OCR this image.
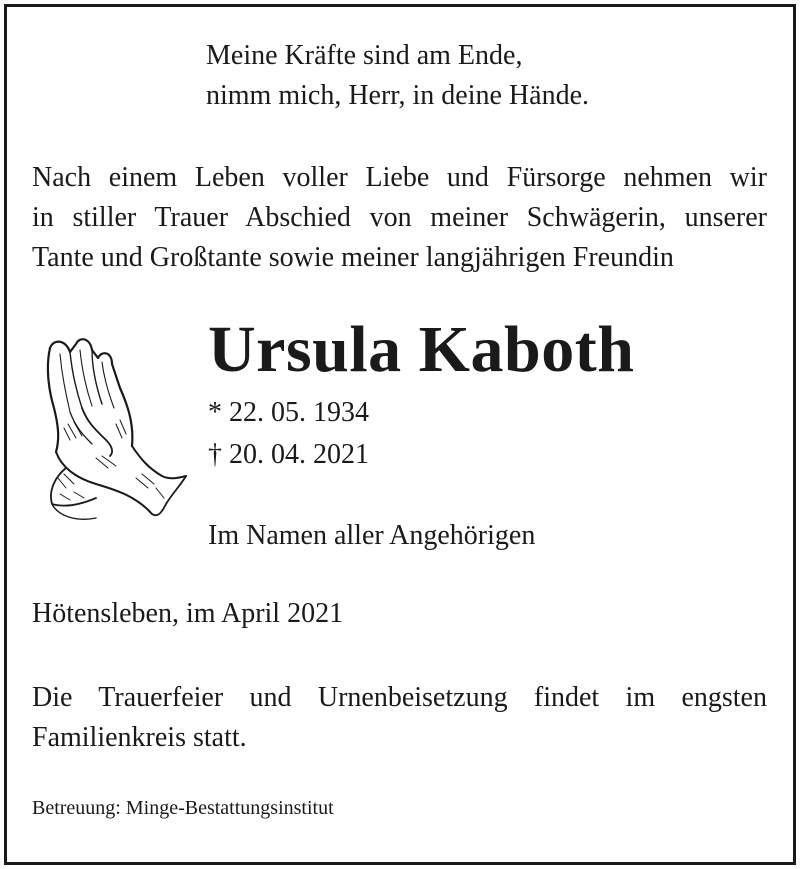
Meine Kräfte sind am Ende,
nimm mich, Herr, in deine Hände.
Nach einem Leben voller Liebe und Fürsorge nehmen wir
in stiller Trauer Abschied von meiner Schwägerin, unserer
Tante und Großtante sowie meiner langjährigen Freundin
Ursula Kaboth
* 22. 05. 1934
† 20. 04. 2021
Im Namen aller Angehörigen
Hötensleben, im April 2021
Die Trauerfeier und Urnenbeisetzung findet im engsten
Familienkreis statt.
Betreuung: Minge-Bestattungsinstitut
